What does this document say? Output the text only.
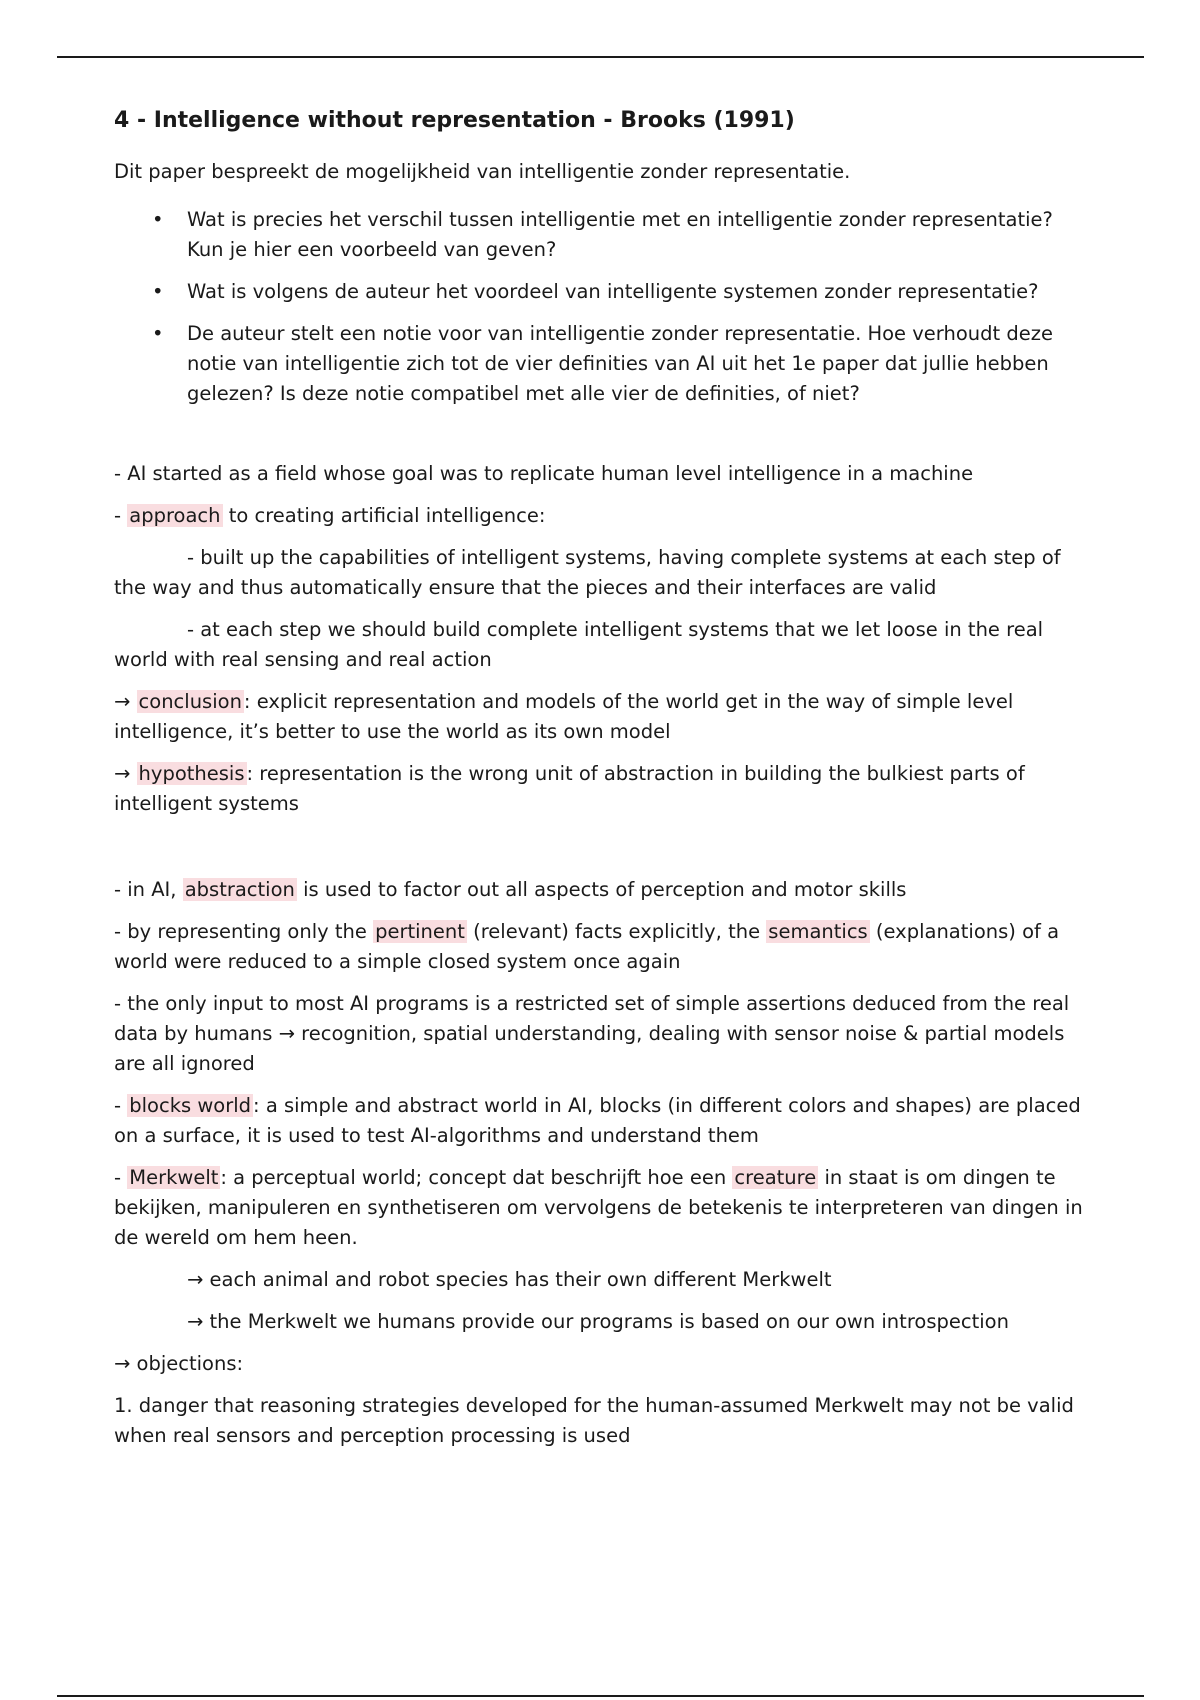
4 - Intelligence without representation - Brooks (1991)

Dit paper bespreekt de mogelijkheid van intelligentie zonder representatie.

• Wat is precies het verschil tussen intelligentie met en intelligentie zonder representatie? Kun je hier een voorbeeld van geven?
• Wat is volgens de auteur het voordeel van intelligente systemen zonder representatie?
• De auteur stelt een notie voor van intelligentie zonder representatie. Hoe verhoudt deze notie van intelligentie zich tot de vier definities van AI uit het 1e paper dat jullie hebben gelezen? Is deze notie compatibel met alle vier de definities, of niet?

- AI started as a field whose goal was to replicate human level intelligence in a machine

- approach to creating artificial intelligence:

- built up the capabilities of intelligent systems, having complete systems at each step of the way and thus automatically ensure that the pieces and their interfaces are valid

- at each step we should build complete intelligent systems that we let loose in the real world with real sensing and real action

→ conclusion : explicit representation and models of the world get in the way of simple level intelligence, it’s better to use the world as its own model

→ hypothesis : representation is the wrong unit of abstraction in building the bulkiest parts of intelligent systems

- in AI, abstraction is used to factor out all aspects of perception and motor skills

- by representing only the pertinent (relevant) facts explicitly, the semantics (explanations) of a world were reduced to a simple closed system once again

- the only input to most AI programs is a restricted set of simple assertions deduced from the real data by humans → recognition, spatial understanding, dealing with sensor noise & partial models are all ignored

- blocks world : a simple and abstract world in AI, blocks (in different colors and shapes) are placed on a surface, it is used to test AI-algorithms and understand them

- Merkwelt : a perceptual world; concept dat beschrijft hoe een creature in staat is om dingen te bekijken, manipuleren en synthetiseren om vervolgens de betekenis te interpreteren van dingen in de wereld om hem heen.

→ each animal and robot species has their own different Merkwelt

→ the Merkwelt we humans provide our programs is based on our own introspection

→ objections:

1. danger that reasoning strategies developed for the human-assumed Merkwelt may not be valid when real sensors and perception processing is used
